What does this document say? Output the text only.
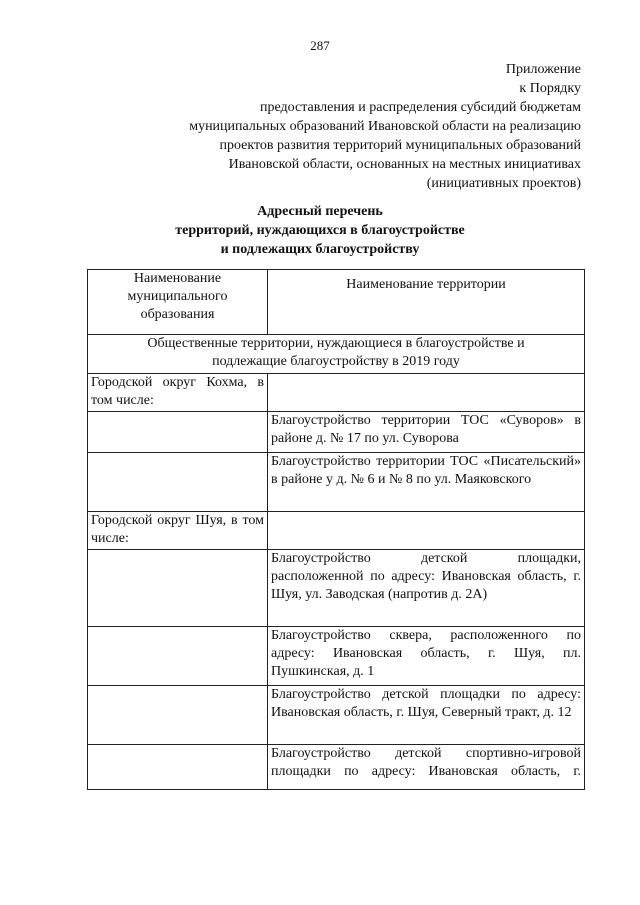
287
Приложение
к Порядку
предоставления и распределения субсидий бюджетам
муниципальных образований Ивановской области на реализацию
проектов развития территорий муниципальных образований
Ивановской области, основанных на местных инициативах
(инициативных проектов)
Адресный перечень
территорий, нуждающихся в благоустройстве
и подлежащих благоустройству
Наименование муниципального образования	Наименование территории

Общественные территории, нуждающиеся в благоустройстве и подлежащие благоустройству в 2019 году	

Городской округ Кохма, в том числе:	
	Благоустройство территории ТОС «Суворов» в районе д. № 17 по ул. Суворова
	Благоустройство территории ТОС «Писательский» в районе у д. № 6 и № 8 по ул. Маяковского
Городской округ Шуя, в том числе:	
	Благоустройство детской площадки, расположенной по адресу: Ивановская область, г. Шуя, ул. Заводская (напротив д. 2А)
	Благоустройство сквера, расположенного по адресу: Ивановская область, г. Шуя, пл. Пушкинская, д. 1
	Благоустройство детской площадки по адресу: Ивановская область, г. Шуя, Северный тракт, д. 12
	Благоустройство детской спортивно-игровой площадки по адресу: Ивановская область, г.
